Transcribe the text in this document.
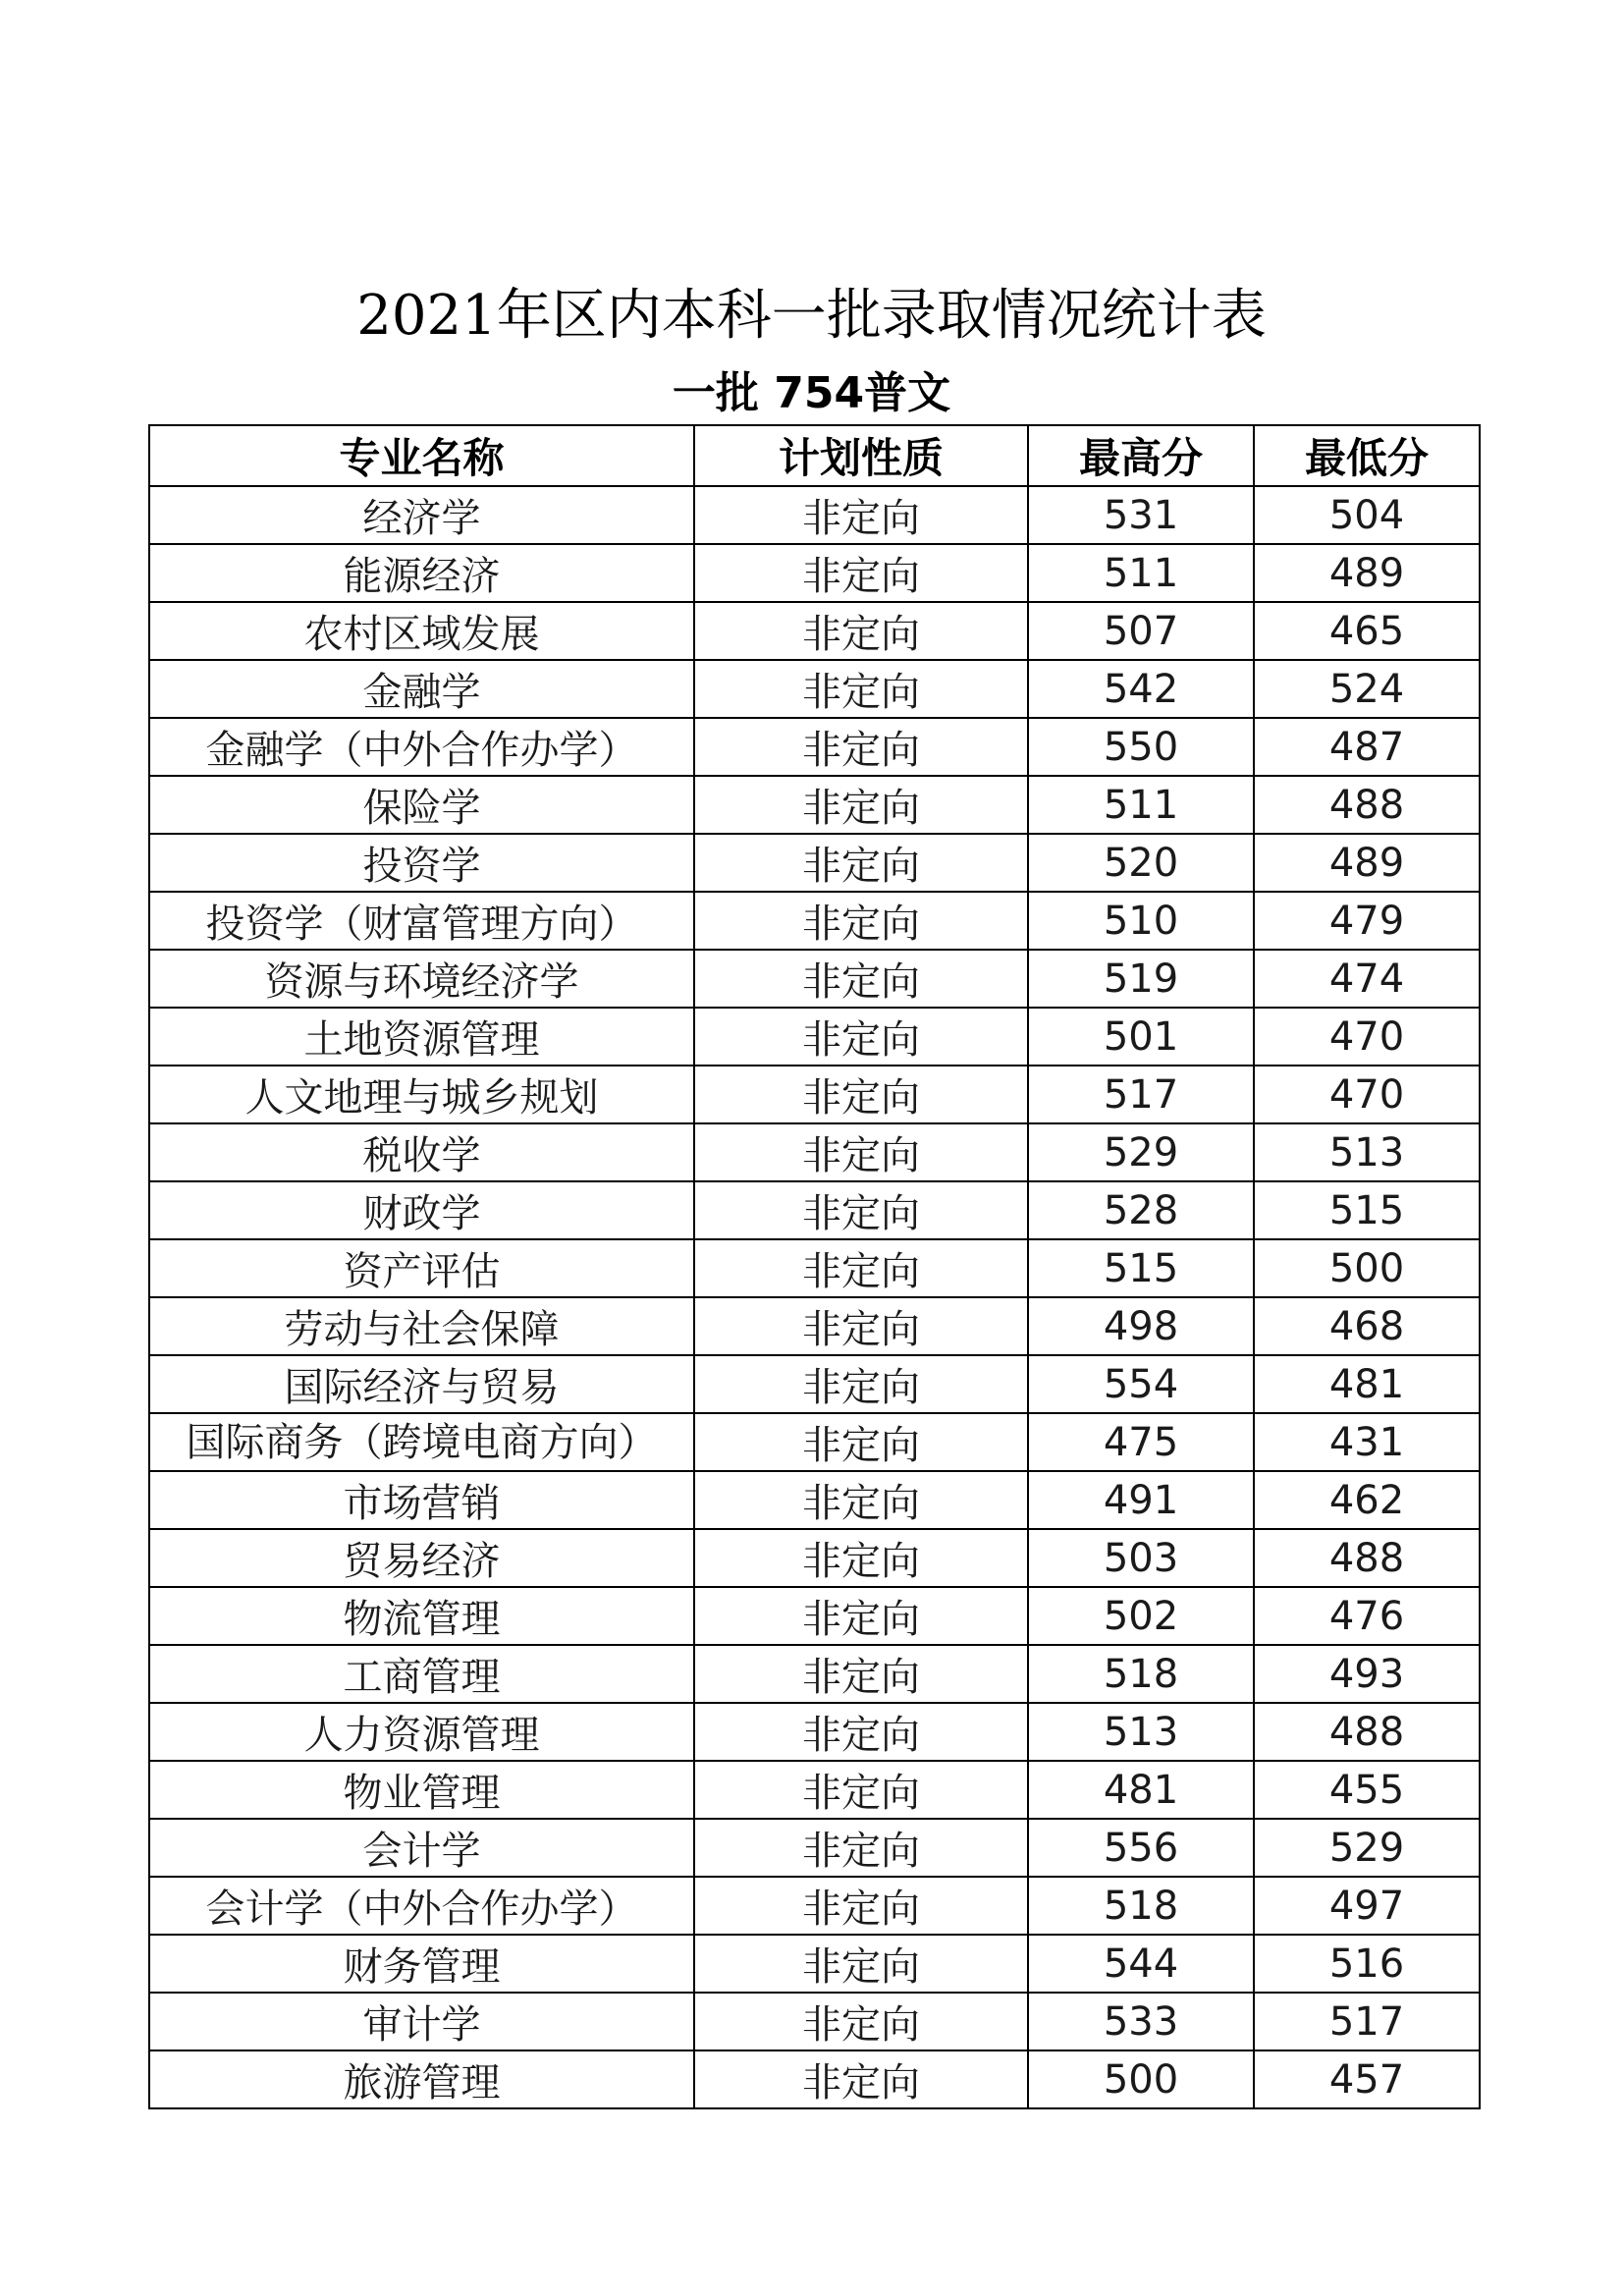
2021年区内本科一批录取情况统计表
一批 754普文
专业名称	计划性质	最高分	最低分
经济学	非定向	531	504
能源经济	非定向	511	489
农村区域发展	非定向	507	465
金融学	非定向	542	524
金融学（中外合作办学）	非定向	550	487
保险学	非定向	511	488
投资学	非定向	520	489
投资学（财富管理方向）	非定向	510	479
资源与环境经济学	非定向	519	474
土地资源管理	非定向	501	470
人文地理与城乡规划	非定向	517	470
税收学	非定向	529	513
财政学	非定向	528	515
资产评估	非定向	515	500
劳动与社会保障	非定向	498	468
国际经济与贸易	非定向	554	481
国际商务（跨境电商方向）	非定向	475	431
市场营销	非定向	491	462
贸易经济	非定向	503	488
物流管理	非定向	502	476
工商管理	非定向	518	493
人力资源管理	非定向	513	488
物业管理	非定向	481	455
会计学	非定向	556	529
会计学（中外合作办学）	非定向	518	497
财务管理	非定向	544	516
审计学	非定向	533	517
旅游管理	非定向	500	457
